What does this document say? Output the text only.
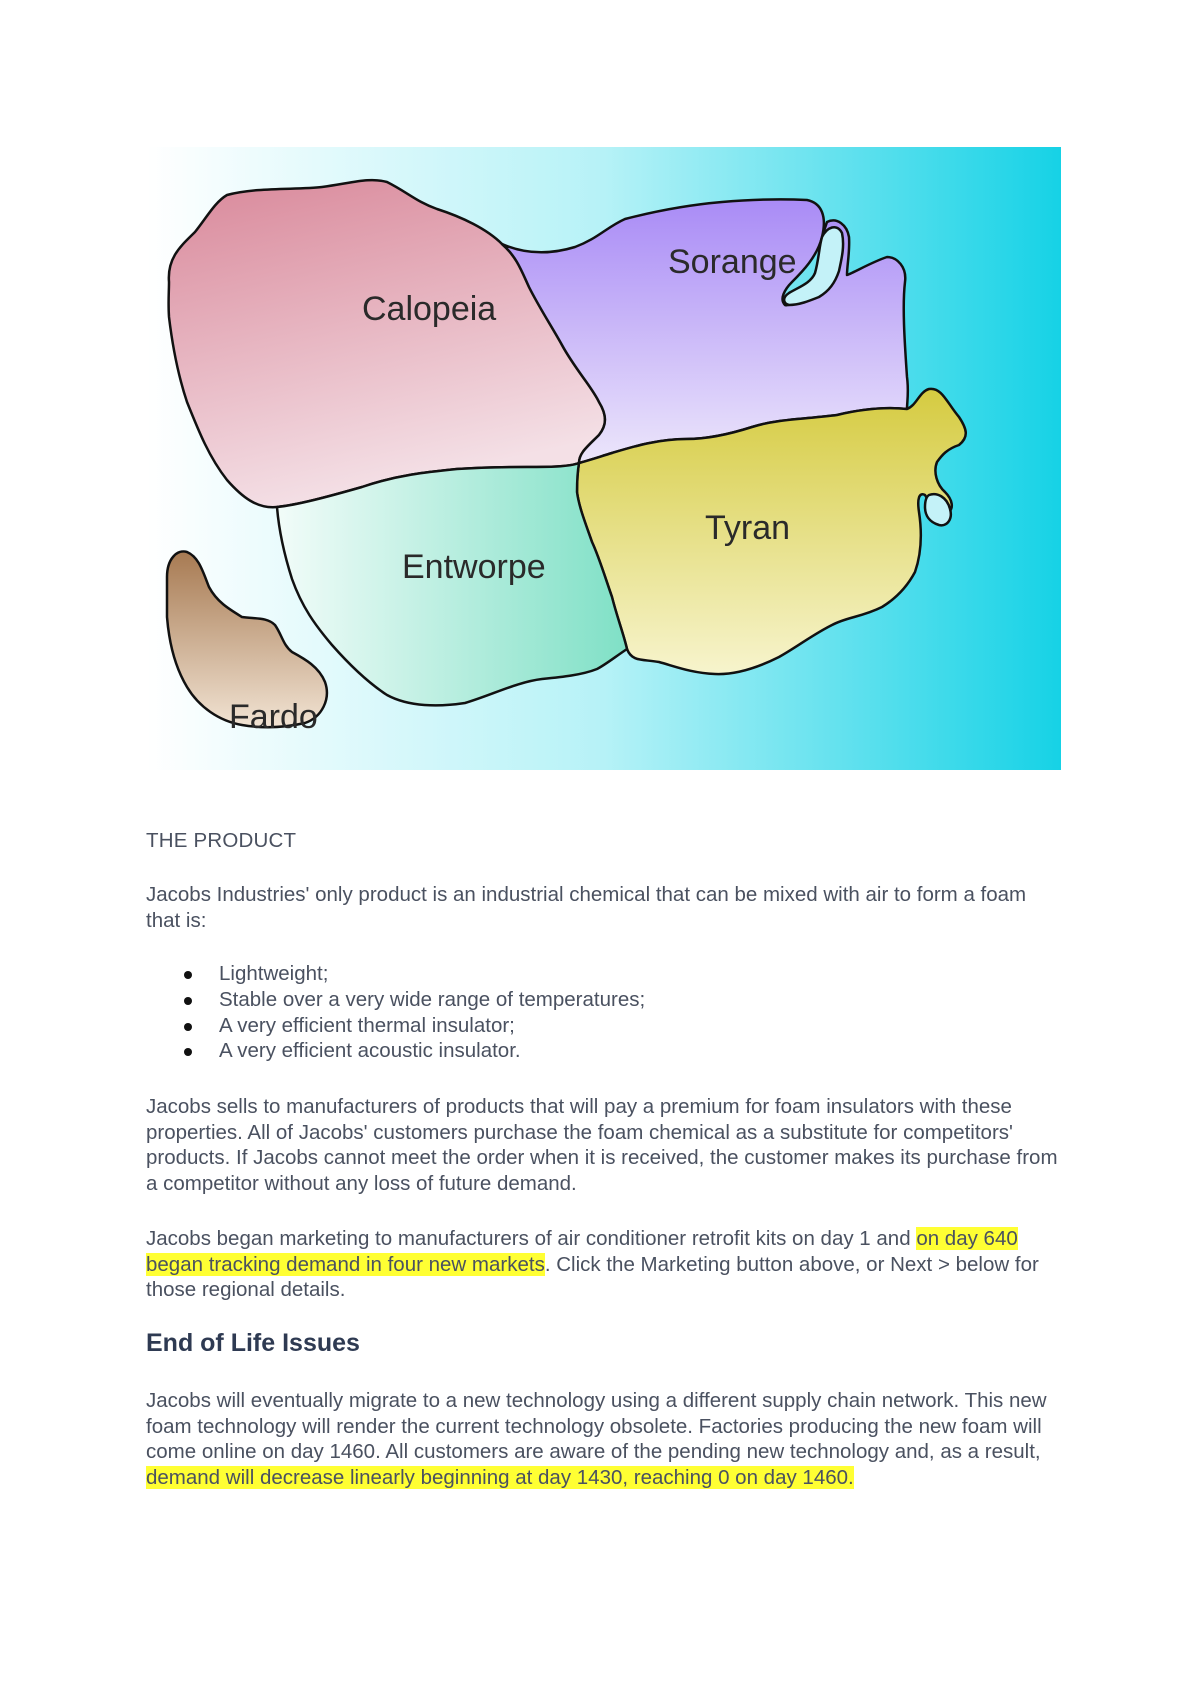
Calopeia
Sorange
Tyran
Entworpe
Fardo
THE PRODUCT

Jacobs Industries' only product is an industrial chemical that can be mixed with air to form a foam that is:

Lightweight;
Stable over a very wide range of temperatures;
A very efficient thermal insulator;
A very efficient acoustic insulator.

Jacobs sells to manufacturers of products that will pay a premium for foam insulators with these properties. All of Jacobs' customers purchase the foam chemical as a substitute for competitors' products. If Jacobs cannot meet the order when it is received, the customer makes its purchase from a competitor without any loss of future demand.

Jacobs began marketing to manufacturers of air conditioner retrofit kits on day 1 and on day 640 began tracking demand in four new markets. Click the Marketing button above, or Next > below for those regional details.

End of Life Issues

Jacobs will eventually migrate to a new technology using a different supply chain network. This new foam technology will render the current technology obsolete. Factories producing the new foam will come online on day 1460. All customers are aware of the pending new technology and, as a result, demand will decrease linearly beginning at day 1430, reaching 0 on day 1460.
